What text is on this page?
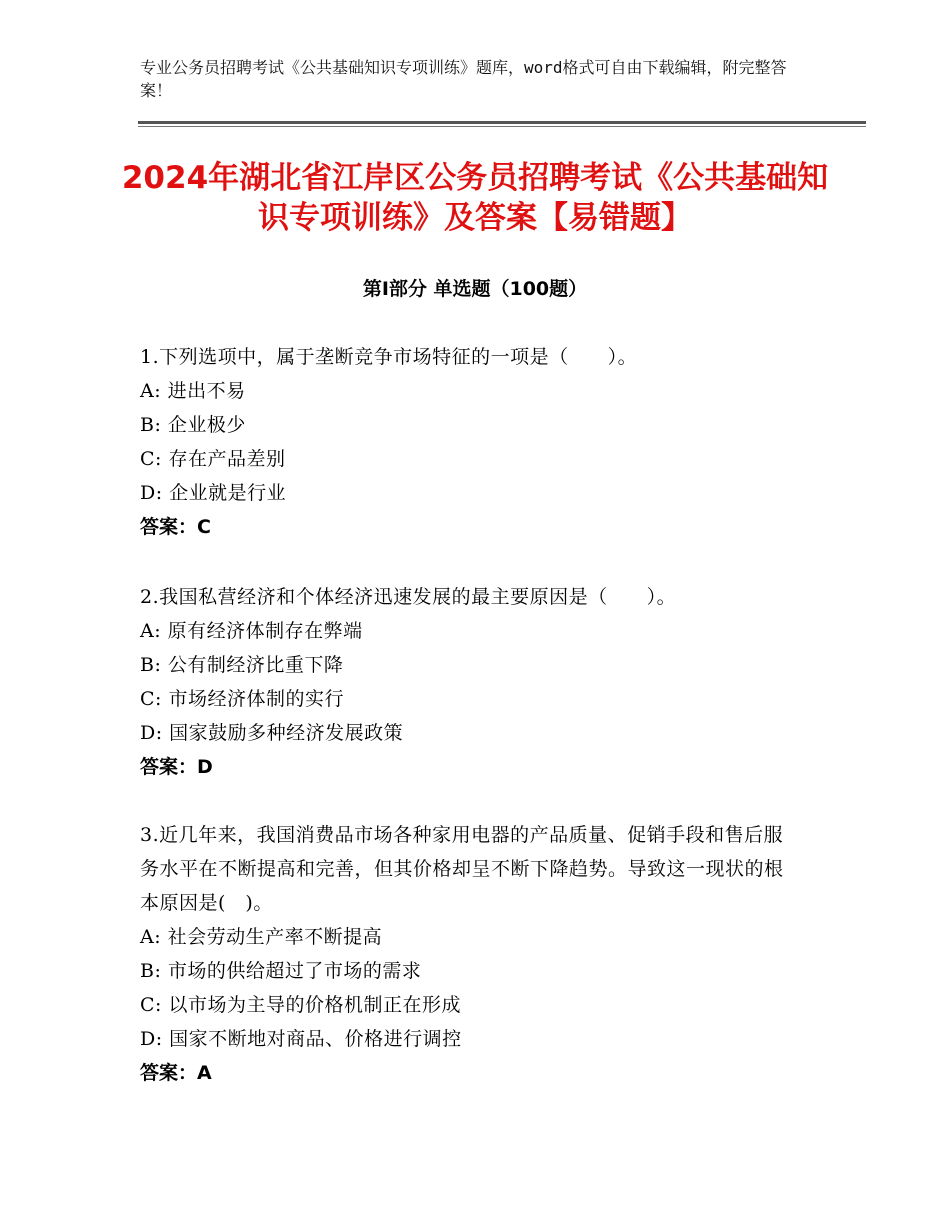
专业公务员招聘考试《公共基础知识专项训练》题库，word格式可自由下载编辑，附完整答案！
2024年湖北省江岸区公务员招聘考试《公共基础知识专项训练》及答案【易错题】
第Ⅰ部分 单选题（100题）
1.下列选项中，属于垄断竞争市场特征的一项是（　　）。
A: 进出不易
B: 企业极少
C: 存在产品差别
D: 企业就是行业
答案：C
2.我国私营经济和个体经济迅速发展的最主要原因是（　　）。
A: 原有经济体制存在弊端
B: 公有制经济比重下降
C: 市场经济体制的实行
D: 国家鼓励多种经济发展政策
答案：D
3.近几年来，我国消费品市场各种家用电器的产品质量、促销手段和售后服务水平在不断提高和完善，但其价格却呈不断下降趋势。导致这一现状的根本原因是(　)。
A: 社会劳动生产率不断提高
B: 市场的供给超过了市场的需求
C: 以市场为主导的价格机制正在形成
D: 国家不断地对商品、价格进行调控
答案：A
